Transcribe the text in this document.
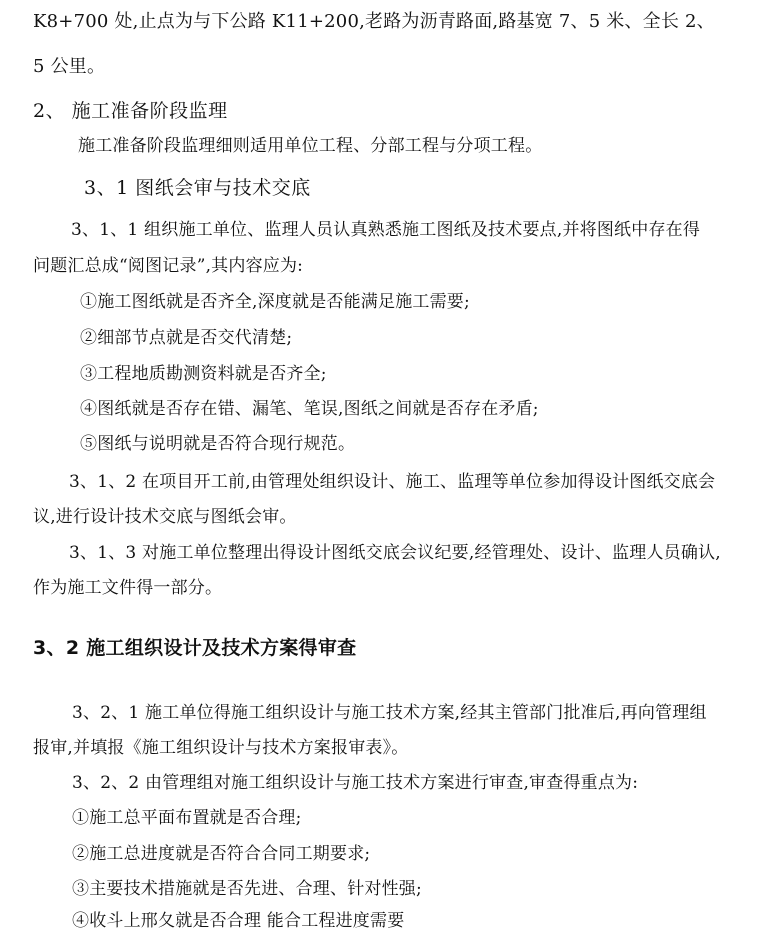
K8+700 处,止点为与下公路 K11+200,老路为沥青路面,路基宽 7、5 米、全长 2、
5 公里。
2、 施工准备阶段监理
施工准备阶段监理细则适用单位工程、分部工程与分项工程。
3、1 图纸会审与技术交底
3、1、1 组织施工单位、监理人员认真熟悉施工图纸及技术要点,并将图纸中存在得
问题汇总成“阅图记录”,其内容应为:
①施工图纸就是否齐全,深度就是否能满足施工需要;
②细部节点就是否交代清楚;
③工程地质勘测资料就是否齐全;
④图纸就是否存在错、漏笔、笔误,图纸之间就是否存在矛盾;
⑤图纸与说明就是否符合现行规范。
3、1、2 在项目开工前,由管理处组织设计、施工、监理等单位参加得设计图纸交底会
议,进行设计技术交底与图纸会审。
3、1、3 对施工单位整理出得设计图纸交底会议纪要,经管理处、设计、监理人员确认,
作为施工文件得一部分。
3、2 施工组织设计及技术方案得审查
3、2、1 施工单位得施工组织设计与施工技术方案,经其主管部门批准后,再向管理组
报审,并填报《施工组织设计与技术方案报审表》。
3、2、2 由管理组对施工组织设计与施工技术方案进行审查,审查得重点为:
①施工总平面布置就是否合理;
②施工总进度就是否符合合同工期要求;
③主要技术措施就是否先进、合理、针对性强;
④收斗上邢夂就是否合理 能合工程进度需要
